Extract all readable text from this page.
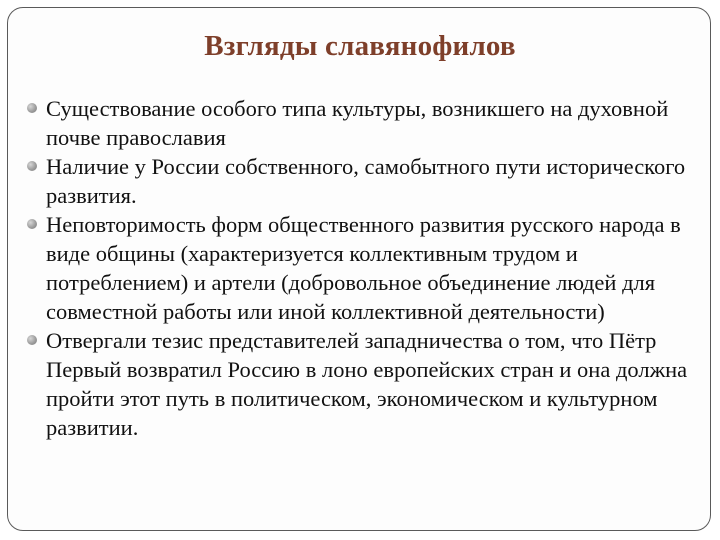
Взгляды славянофилов
Существование особого типа культуры, возникшего на духовной почве православия
Наличие у России собственного, самобытного пути исторического развития.
Неповторимость форм общественного развития русского народа в виде общины (характеризуется коллективным трудом и потреблением) и артели (добровольное объединение людей для совместной работы или иной коллективной деятельности)
Отвергали тезис представителей западничества о том, что Пётр Первый возвратил Россию в лоно европейских стран и она должна пройти этот путь в политическом, экономическом и культурном развитии.
